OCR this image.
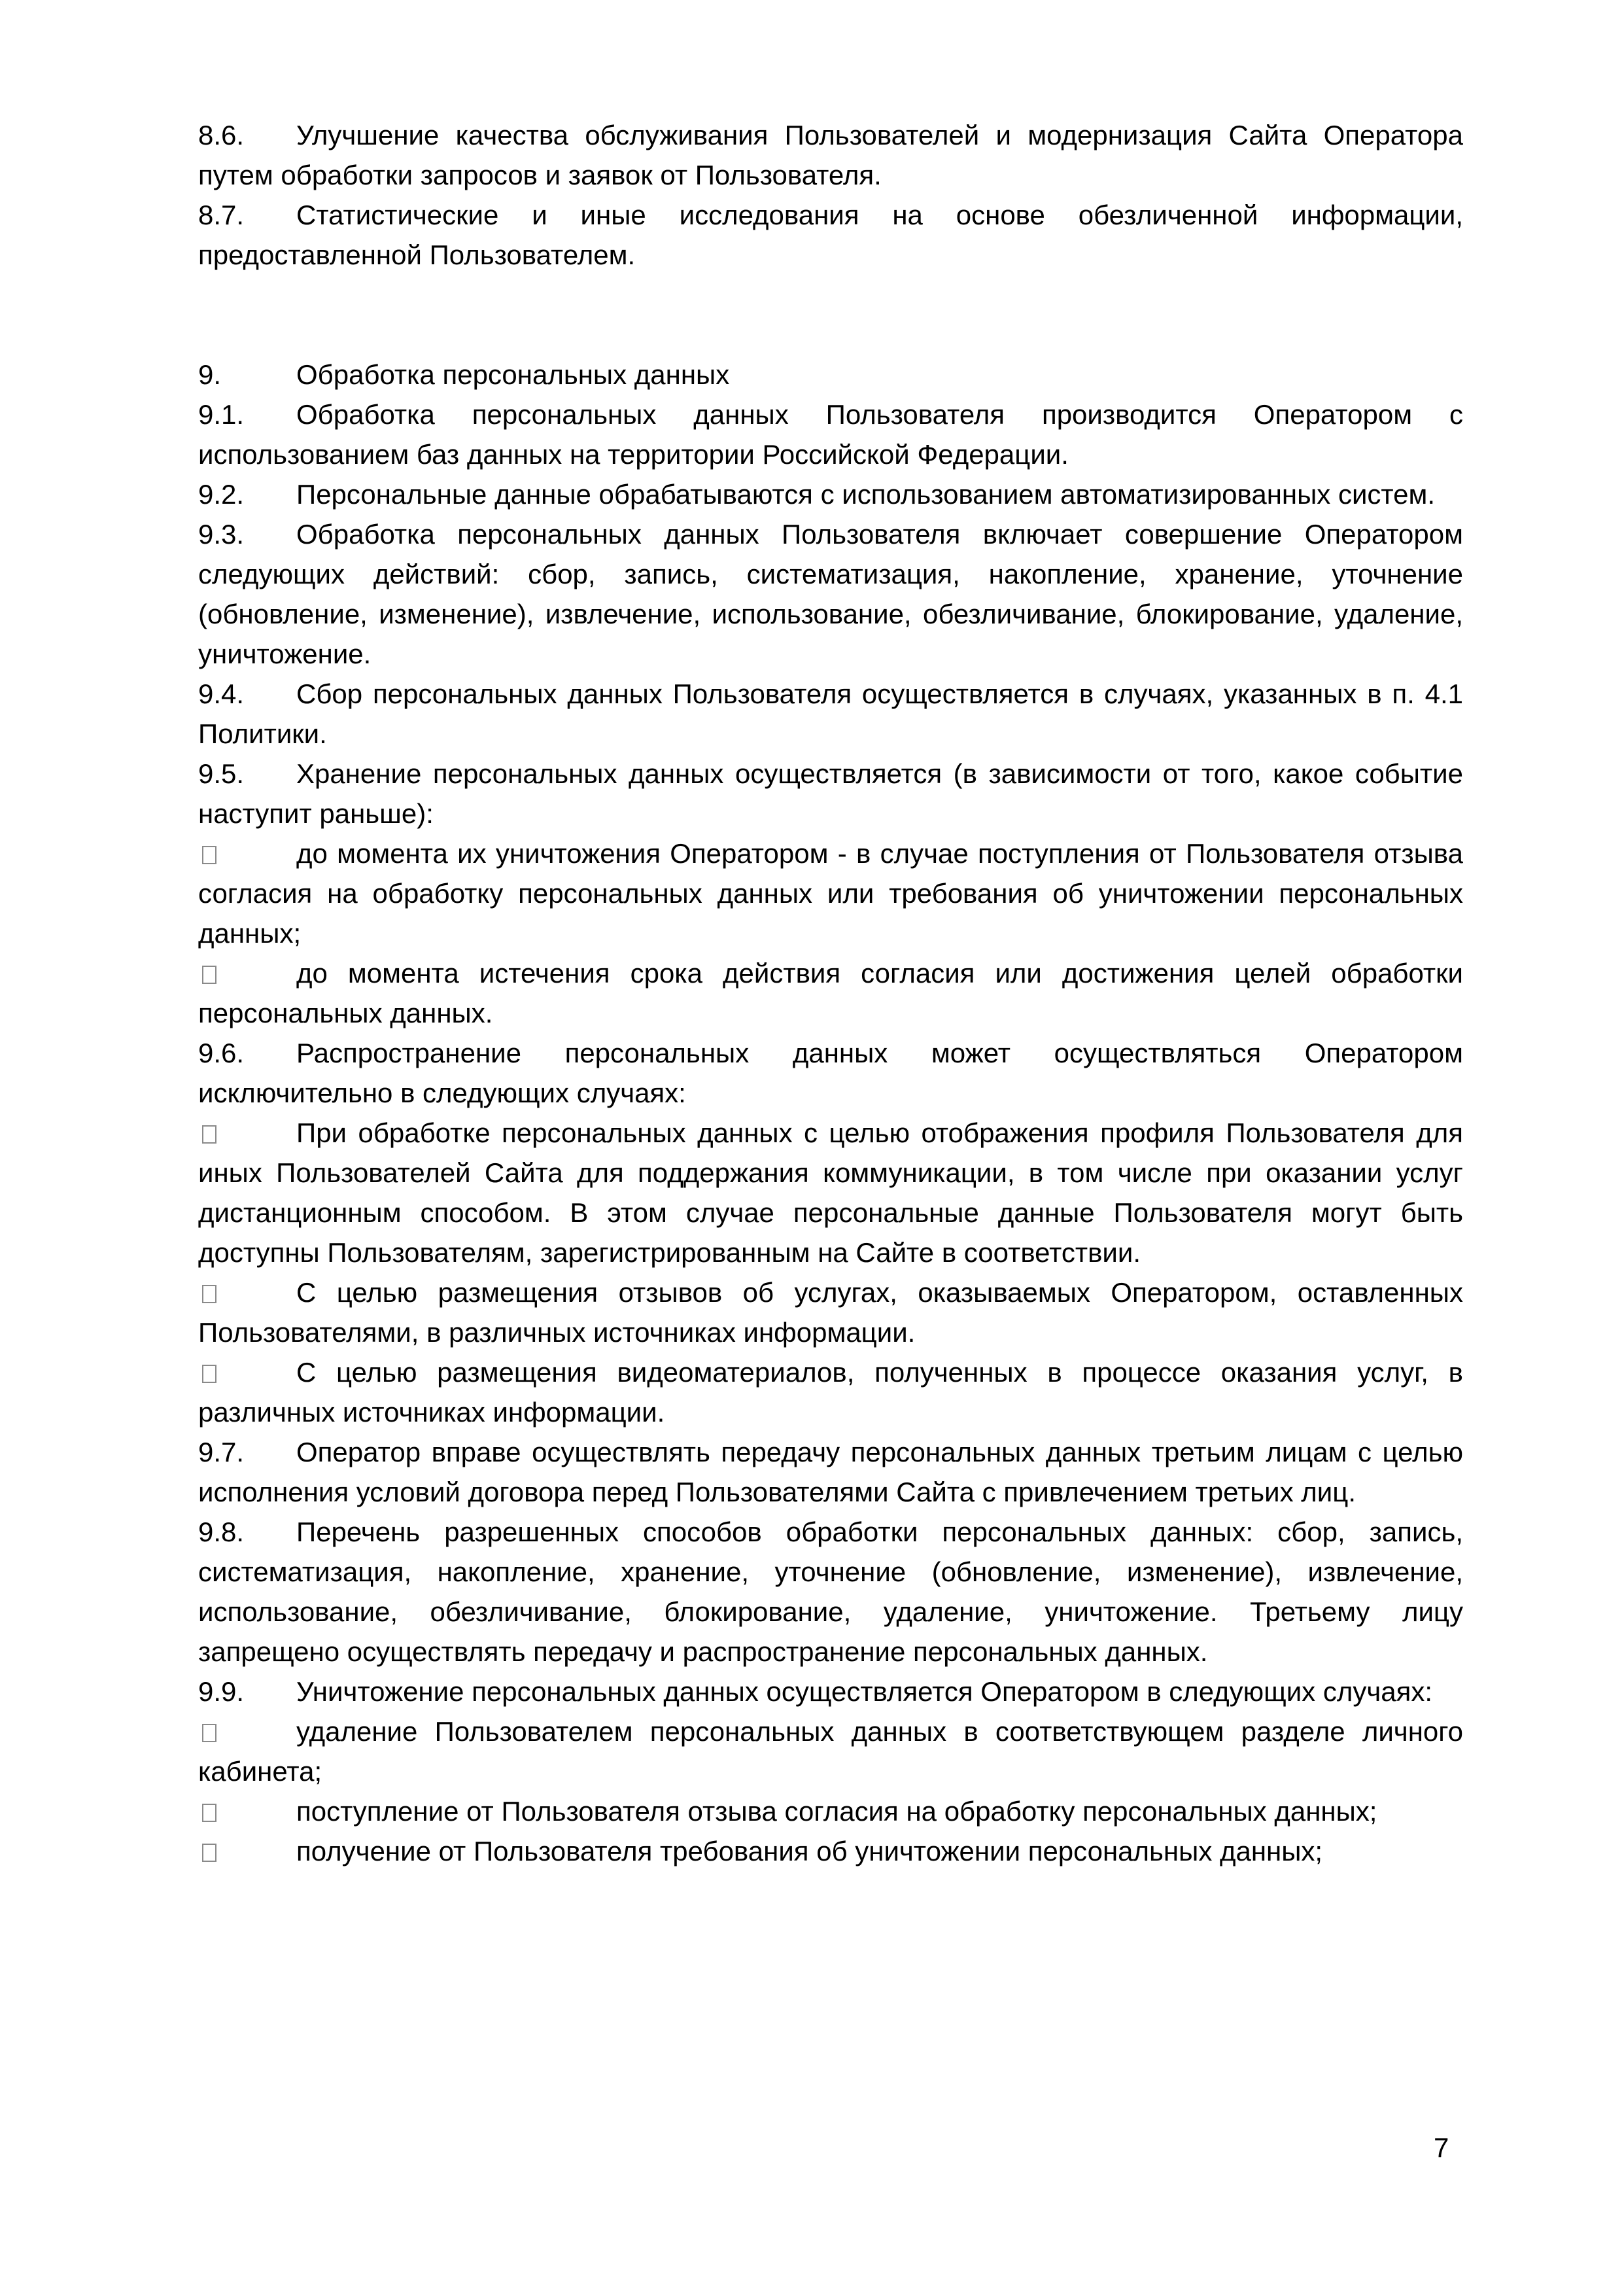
8.6. Улучшение качества обслуживания Пользователей и модернизация Сайта Оператора путем обработки запросов и заявок от Пользователя.

8.7. Статистические и иные исследования на основе обезличенной информации, предоставленной Пользователем.

9.	Обработка персональных данных

9.1. Обработка персональных данных Пользователя производится Оператором с использованием баз данных на территории Российской Федерации.

9.2. Персональные данные обрабатываются с использованием автоматизированных систем.

9.3. Обработка персональных данных Пользователя включает совершение Оператором следующих действий: сбор, запись, систематизация, накопление, хранение, уточнение (обновление, изменение), извлечение, использование, обезличивание, блокирование, удаление, уничтожение.

9.4. Сбор персональных данных Пользователя осуществляется в случаях, указанных в п. 4.1 Политики.

9.5. Хранение персональных данных осуществляется (в зависимости от того, какое событие наступит раньше):

до момента их уничтожения Оператором - в случае поступления от Пользователя отзыва согласия на обработку персональных данных или требования об уничтожении персональных данных;

до момента истечения срока действия согласия или достижения целей обработки персональных данных.

9.6. Распространение персональных данных может осуществляться Оператором исключительно в следующих случаях:

При обработке персональных данных с целью отображения профиля Пользователя для иных Пользователей Сайта для поддержания коммуникации, в том числе при оказании услуг дистанционным способом. В этом случае персональные данные Пользователя могут быть доступны Пользователям, зарегистрированным на Сайте в соответствии.

С целью размещения отзывов об услугах, оказываемых Оператором, оставленных Пользователями, в различных источниках информации.

С целью размещения видеоматериалов, полученных в процессе оказания услуг, в различных источниках информации.

9.7. Оператор вправе осуществлять передачу персональных данных третьим лицам с целью исполнения условий договора перед Пользователями Сайта с привлечением третьих лиц.

9.8. Перечень разрешенных способов обработки персональных данных: сбор, запись, систематизация, накопление, хранение, уточнение (обновление, изменение), извлечение, использование, обезличивание, блокирование, удаление, уничтожение. Третьему лицу запрещено осуществлять передачу и распространение персональных данных.

9.9. Уничтожение персональных данных осуществляется Оператором в следующих случаях:

удаление Пользователем персональных данных в соответствующем разделе личного кабинета;

поступление от Пользователя отзыва согласия на обработку персональных данных;

получение от Пользователя требования об уничтожении персональных данных;

7
